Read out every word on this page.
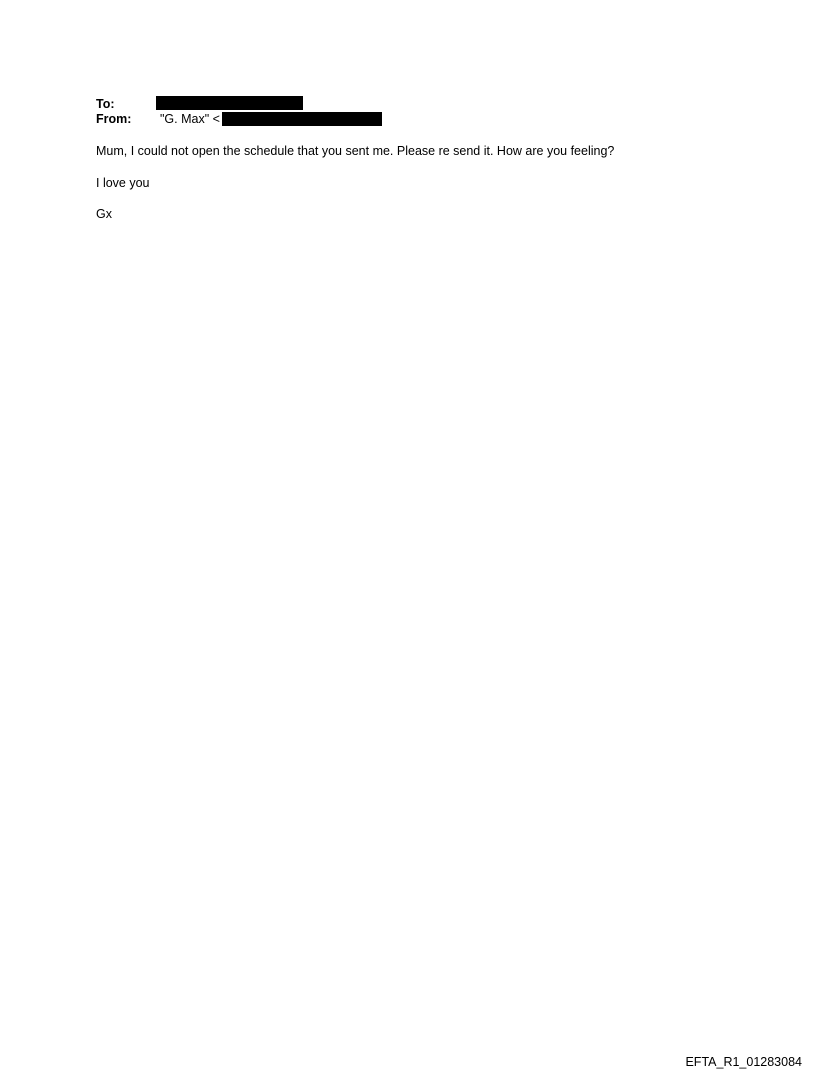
To:
From: "G. Max" <
Mum, I could not open the schedule that you sent me. Please re send it. How are you feeling?
I love you
Gx
EFTA_R1_01283084
